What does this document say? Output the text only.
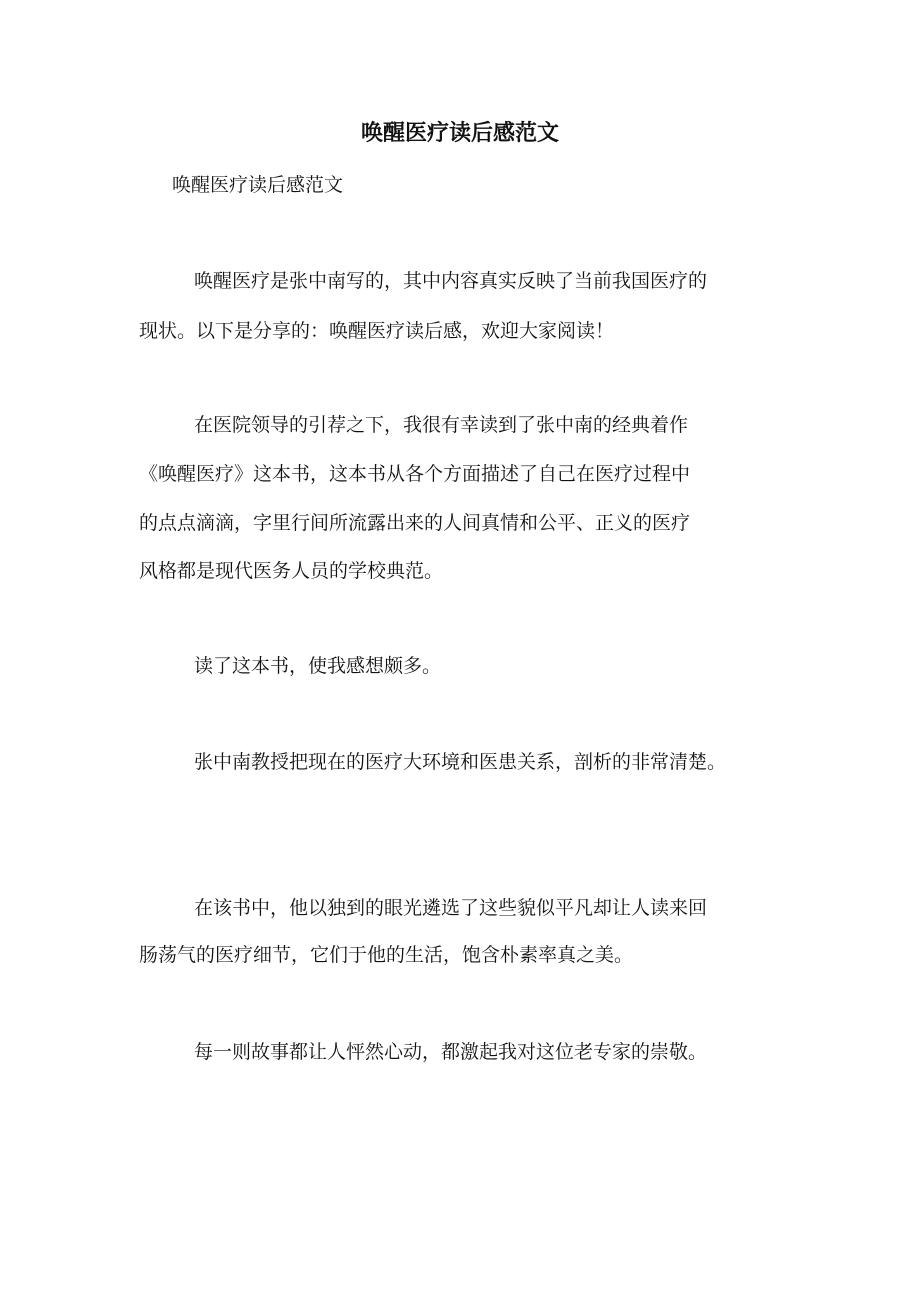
唤醒医疗读后感范文
唤醒医疗读后感范文
唤醒医疗是张中南写的，其中内容真实反映了当前我国医疗的
现状。以下是分享的：唤醒医疗读后感，欢迎大家阅读！
在医院领导的引荐之下，我很有幸读到了张中南的经典着作
《唤醒医疗》这本书，这本书从各个方面描述了自己在医疗过程中
的点点滴滴，字里行间所流露出来的人间真情和公平、正义的医疗
风格都是现代医务人员的学校典范。
读了这本书，使我感想颇多。
张中南教授把现在的医疗大环境和医患关系，剖析的非常清楚。
在该书中，他以独到的眼光遴选了这些貌似平凡却让人读来回
肠荡气的医疗细节，它们于他的生活，饱含朴素率真之美。
每一则故事都让人怦然心动，都激起我对这位老专家的崇敬。
